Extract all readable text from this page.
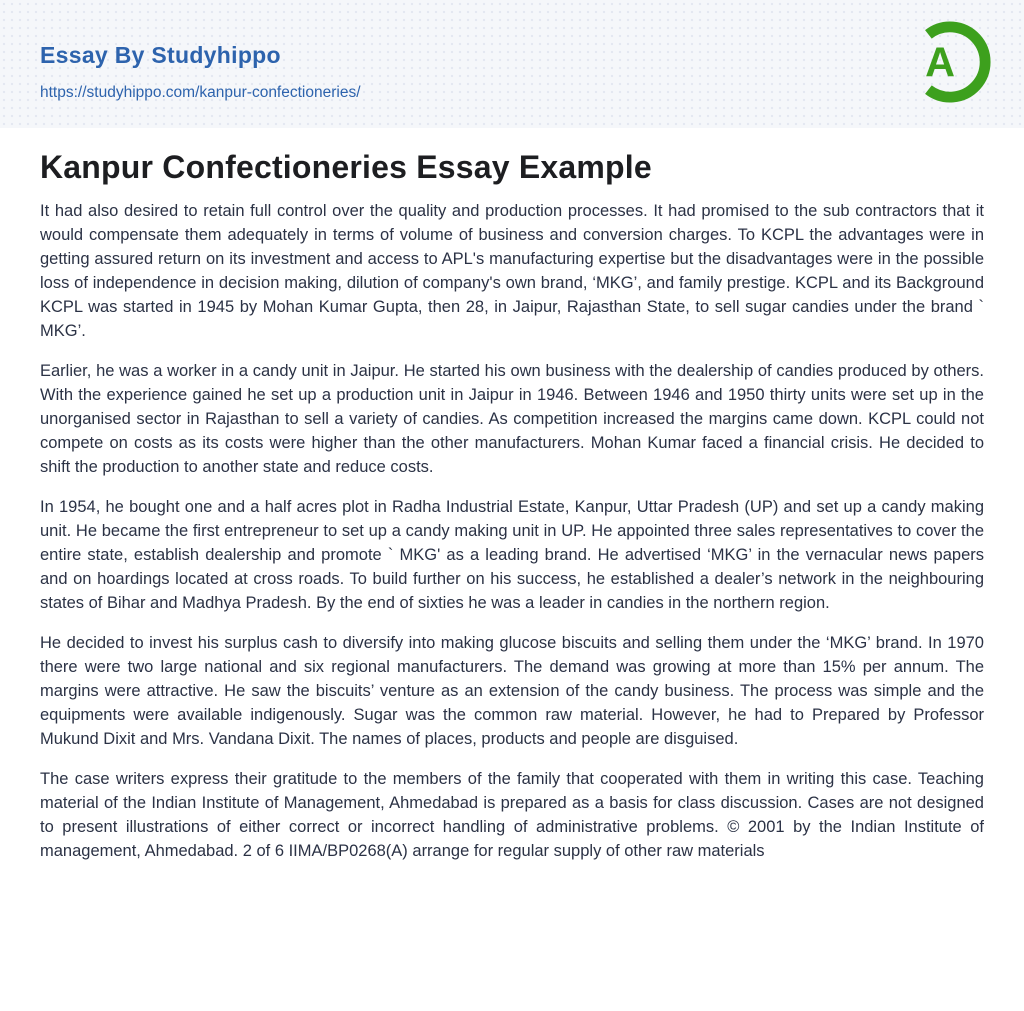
Essay By Studyhippo
https://studyhippo.com/kanpur-confectioneries/
A
Kanpur Confectioneries Essay Example

It had also desired to retain full control over the quality and production processes. It had promised to the sub contractors that it would compensate them adequately in terms of volume of business and conversion charges. To KCPL the advantages were in getting assured return on its investment and access to APL's manufacturing expertise but the disadvantages were in the possible loss of independence in decision making, dilution of company's own brand, ‘MKG’, and family prestige. KCPL and its Background KCPL was started in 1945 by Mohan Kumar Gupta, then 28, in Jaipur, Rajasthan State, to sell sugar candies under the brand ` MKG’.

Earlier, he was a worker in a candy unit in Jaipur. He started his own business with the dealership of candies produced by others. With the experience gained he set up a production unit in Jaipur in 1946. Between 1946 and 1950 thirty units were set up in the unorganised sector in Rajasthan to sell a variety of candies. As competition increased the margins came down. KCPL could not compete on costs as its costs were higher than the other manufacturers. Mohan Kumar faced a financial crisis. He decided to shift the production to another state and reduce costs.

In 1954, he bought one and a half acres plot in Radha Industrial Estate, Kanpur, Uttar Pradesh (UP) and set up a candy making unit. He became the first entrepreneur to set up a candy making unit in UP. He appointed three sales representatives to cover the entire state, establish dealership and promote ` MKG' as a leading brand. He advertised ‘MKG’ in the vernacular news papers and on hoardings located at cross roads. To build further on his success, he established a dealer’s network in the neighbouring states of Bihar and Madhya Pradesh. By the end of sixties he was a leader in candies in the northern region.

He decided to invest his surplus cash to diversify into making glucose biscuits and selling them under the ‘MKG’ brand. In 1970 there were two large national and six regional manufacturers. The demand was growing at more than 15% per annum. The margins were attractive. He saw the biscuits’ venture as an extension of the candy business. The process was simple and the equipments were available indigenously. Sugar was the common raw material. However, he had to Prepared by Professor Mukund Dixit and Mrs. Vandana Dixit. The names of places, products and people are disguised.

The case writers express their gratitude to the members of the family that cooperated with them in writing this case. Teaching material of the Indian Institute of Management, Ahmedabad is prepared as a basis for class discussion. Cases are not designed to present illustrations of either correct or incorrect handling of administrative problems. © 2001 by the Indian Institute of management, Ahmedabad. 2 of 6 IIMA/BP0268(A) arrange for regular supply of other raw materials
